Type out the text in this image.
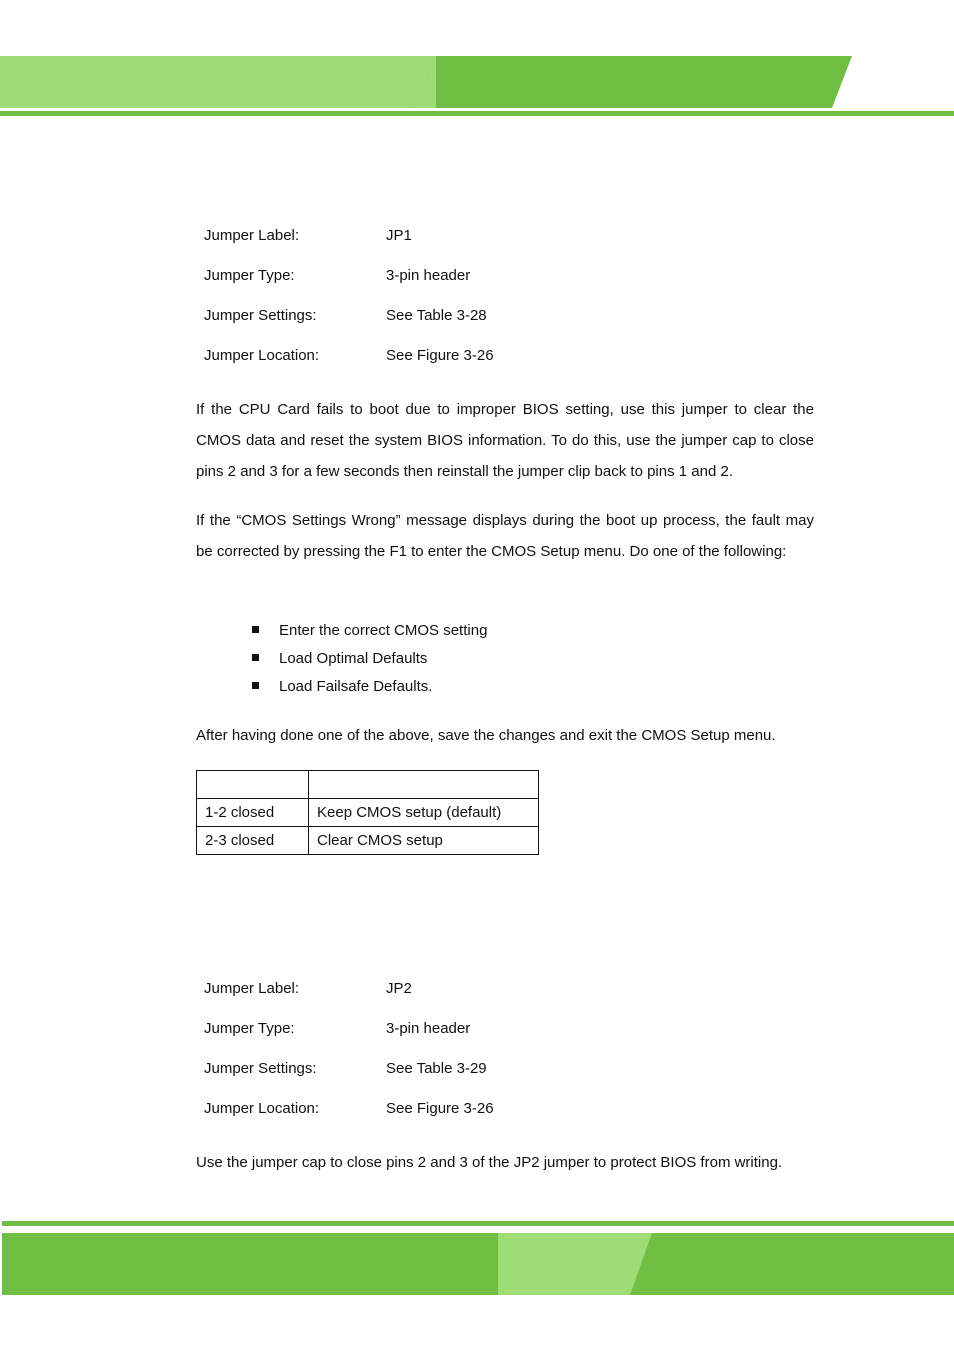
Jumper Label:	JP1
Jumper Type:	3-pin header
Jumper Settings:	See Table 3-28
Jumper Location:	See Figure 3-26

If the CPU Card fails to boot due to improper BIOS setting, use this jumper to clear the CMOS data and reset the system BIOS information. To do this, use the jumper cap to close pins 2 and 3 for a few seconds then reinstall the jumper clip back to pins 1 and 2.

If the “CMOS Settings Wrong” message displays during the boot up process, the fault may be corrected by pressing the F1 to enter the CMOS Setup menu. Do one of the following:

Enter the correct CMOS setting
Load Optimal Defaults
Load Failsafe Defaults.

After having done one of the above, save the changes and exit the CMOS Setup menu.

1-2 closed	Keep CMOS setup (default)
2-3 closed	Clear CMOS setup
Jumper Label:	JP2
Jumper Type:	3-pin header
Jumper Settings:	See Table 3-29
Jumper Location:	See Figure 3-26

Use the jumper cap to close pins 2 and 3 of the JP2 jumper to protect BIOS from writing.
